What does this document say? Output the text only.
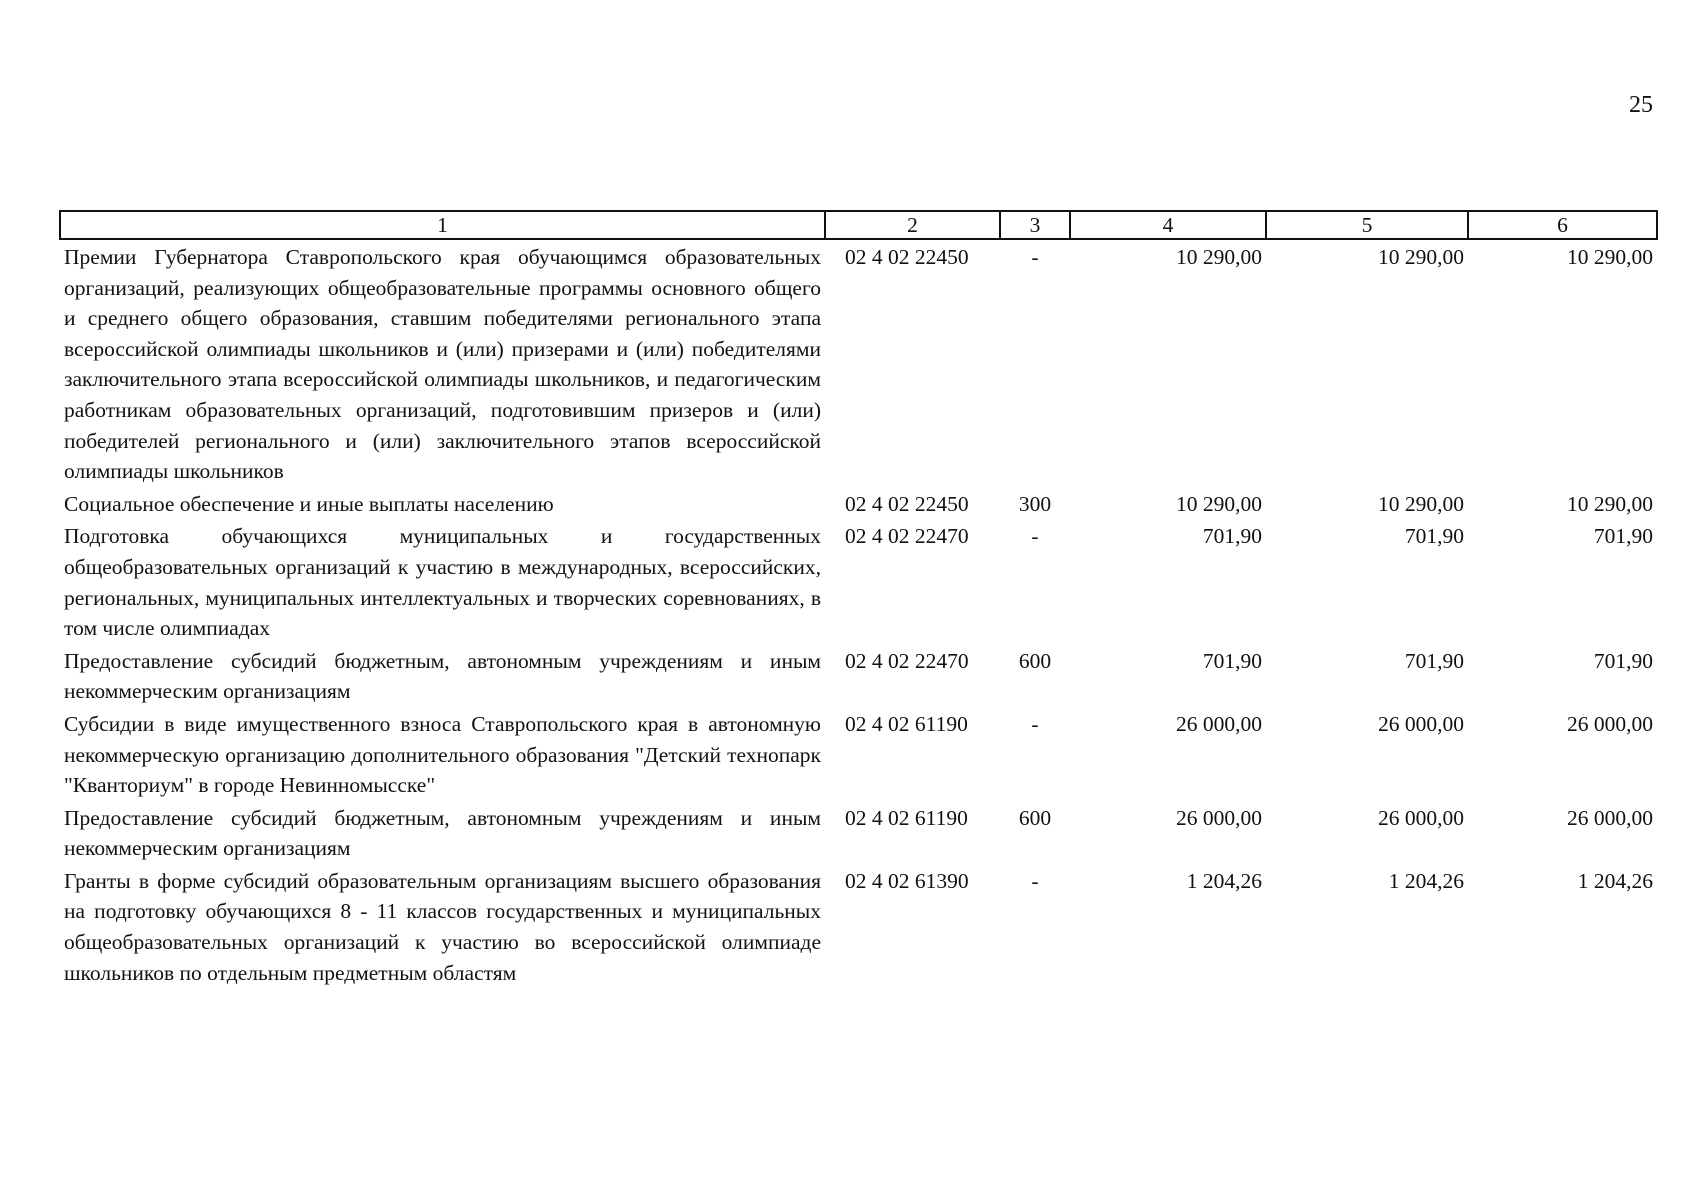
25
1	2	3	4	5	6
Премии Губернатора Ставропольского края обучающимся образовательных организаций, реализующих общеобразовательные программы основного общего и среднего общего образования, ставшим победителями регионального этапа всероссийской олимпиады школьников и (или) призерами и (или) победителями заключительного этапа всероссийской олимпиады школьников, и педагогическим работникам образовательных организаций, подготовившим призеров и (или) победителей регионального и (или) заключительного этапов всероссийской олимпиады школьников	02 4 02 22450	-	10 290,00	10 290,00	10 290,00
Социальное обеспечение и иные выплаты населению	02 4 02 22450	300	10 290,00	10 290,00	10 290,00
Подготовка обучающихся муниципальных и государственных общеобразовательных организаций к участию в международных, всероссийских, региональных, муниципальных интеллектуальных и творческих соревнованиях, в том числе олимпиадах	02 4 02 22470	-	701,90	701,90	701,90
Предоставление субсидий бюджетным, автономным учреждениям и иным некоммерческим организациям	02 4 02 22470	600	701,90	701,90	701,90
Субсидии в виде имущественного взноса Ставропольского края в автономную некоммерческую организацию дополнительного образования "Детский технопарк "Кванториум" в городе Невинномысске"	02 4 02 61190	-	26 000,00	26 000,00	26 000,00
Предоставление субсидий бюджетным, автономным учреждениям и иным некоммерческим организациям	02 4 02 61190	600	26 000,00	26 000,00	26 000,00
Гранты в форме субсидий образовательным организациям высшего образования на подготовку обучающихся 8 - 11 классов государственных и муниципальных общеобразовательных организаций к участию во всероссийской олимпиаде школьников по отдельным предметным областям	02 4 02 61390	-	1 204,26	1 204,26	1 204,26
